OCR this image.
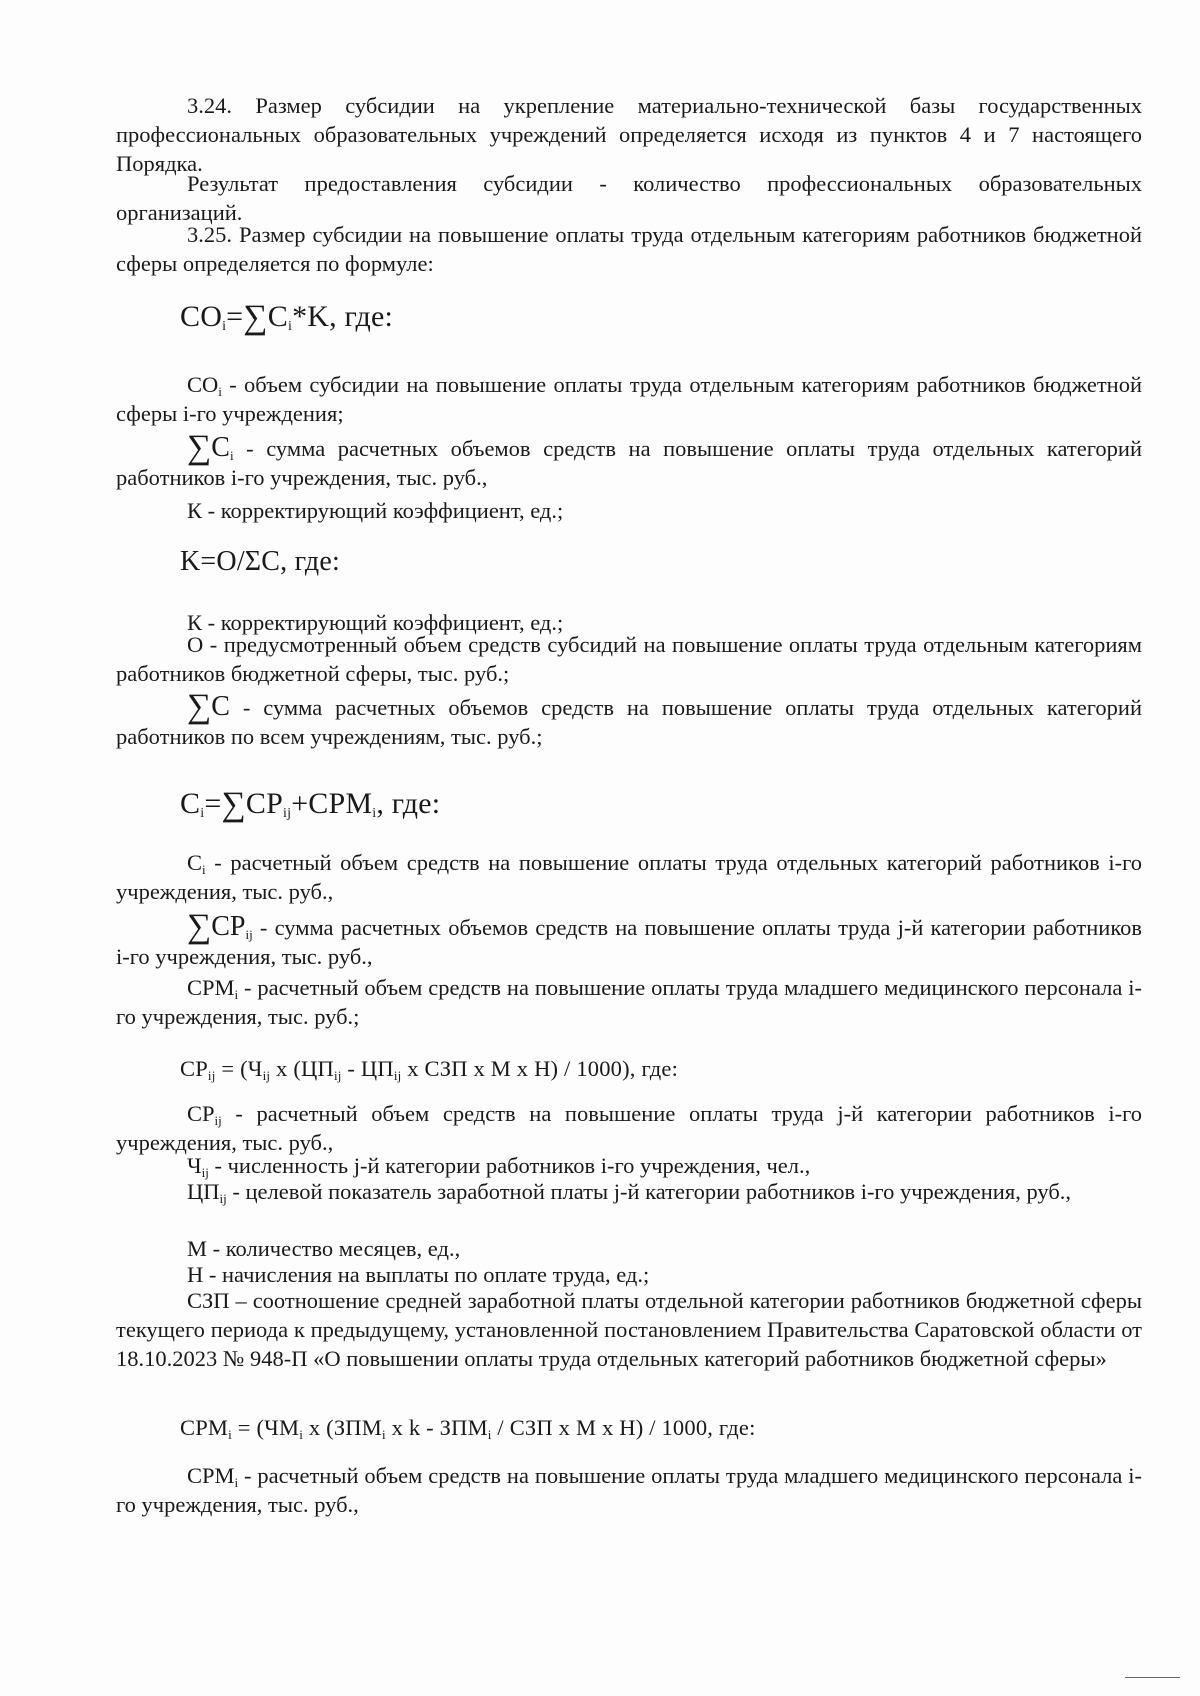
3.24. Размер субсидии на укрепление материально-технической базы государственных профессиональных образовательных учреждений определяется исходя из пунктов 4 и 7 настоящего Порядка.
Результат предоставления субсидии - количество профессиональных образовательных организаций.
3.25. Размер субсидии на повышение оплаты труда отдельным категориям работников бюджетной сферы определяется по формуле:
$CO_i=\sum C_i*K$, где:
$СО_i$ - объем субсидии на повышение оплаты труда отдельным категориям работников бюджетной сферы i-го учреждения;
$\sum C_i$ - сумма расчетных объемов средств на повышение оплаты труда отдельных категорий работников i-го учреждения, тыс. руб.,
К - корректирующий коэффициент, ед.;
K=O/ΣC, где:
К - корректирующий коэффициент, ед.;
О - предусмотренный объем средств субсидий на повышение оплаты труда отдельным категориям работников бюджетной сферы, тыс. руб.;
∑C - сумма расчетных объемов средств на повышение оплаты труда отдельных категорий работников по всем учреждениям, тыс. руб.;
$C_i=\sum CP_{ij}+CPM_i$, где:
$С_i$ - расчетный объем средств на повышение оплаты труда отдельных категорий работников i-го учреждения, тыс. руб.,
$\sum CP_{ij}$ - сумма расчетных объемов средств на повышение оплаты труда j-й категории работников i-го учреждения, тыс. руб.,
$СРМ_i$ - расчетный объем средств на повышение оплаты труда младшего медицинского персонала i-го учреждения, тыс. руб.;
$СР_{ij} = (Ч_{ij}$ x ($ЦП_{ij} - ЦП_{ij}$ x СЗП x M x H) / 1000), где:
$СР_{ij}$ - расчетный объем средств на повышение оплаты труда j-й категории работников i-го учреждения, тыс. руб.,
$Ч_{ij}$ - численность j-й категории работников i-го учреждения, чел.,
$ЦП_{ij}$ - целевой показатель заработной платы j-й категории работников i-го учреждения, руб.,
М - количество месяцев, ед.,
Н - начисления на выплаты по оплате труда, ед.;
СЗП – соотношение средней заработной платы отдельной категории работников бюджетной сферы текущего периода к предыдущему, установленной постановлением Правительства Саратовской области от 18.10.2023 № 948-П «О повышении оплаты труда отдельных категорий работников бюджетной сферы»
$СРМ_i = (ЧМ_i$ x ($ЗПМ_i$ x k - $ЗПМ_i$ / СЗП x M x H) / 1000, где:
$СРМ_i$ - расчетный объем средств на повышение оплаты труда младшего медицинского персонала i-го учреждения, тыс. руб.,
